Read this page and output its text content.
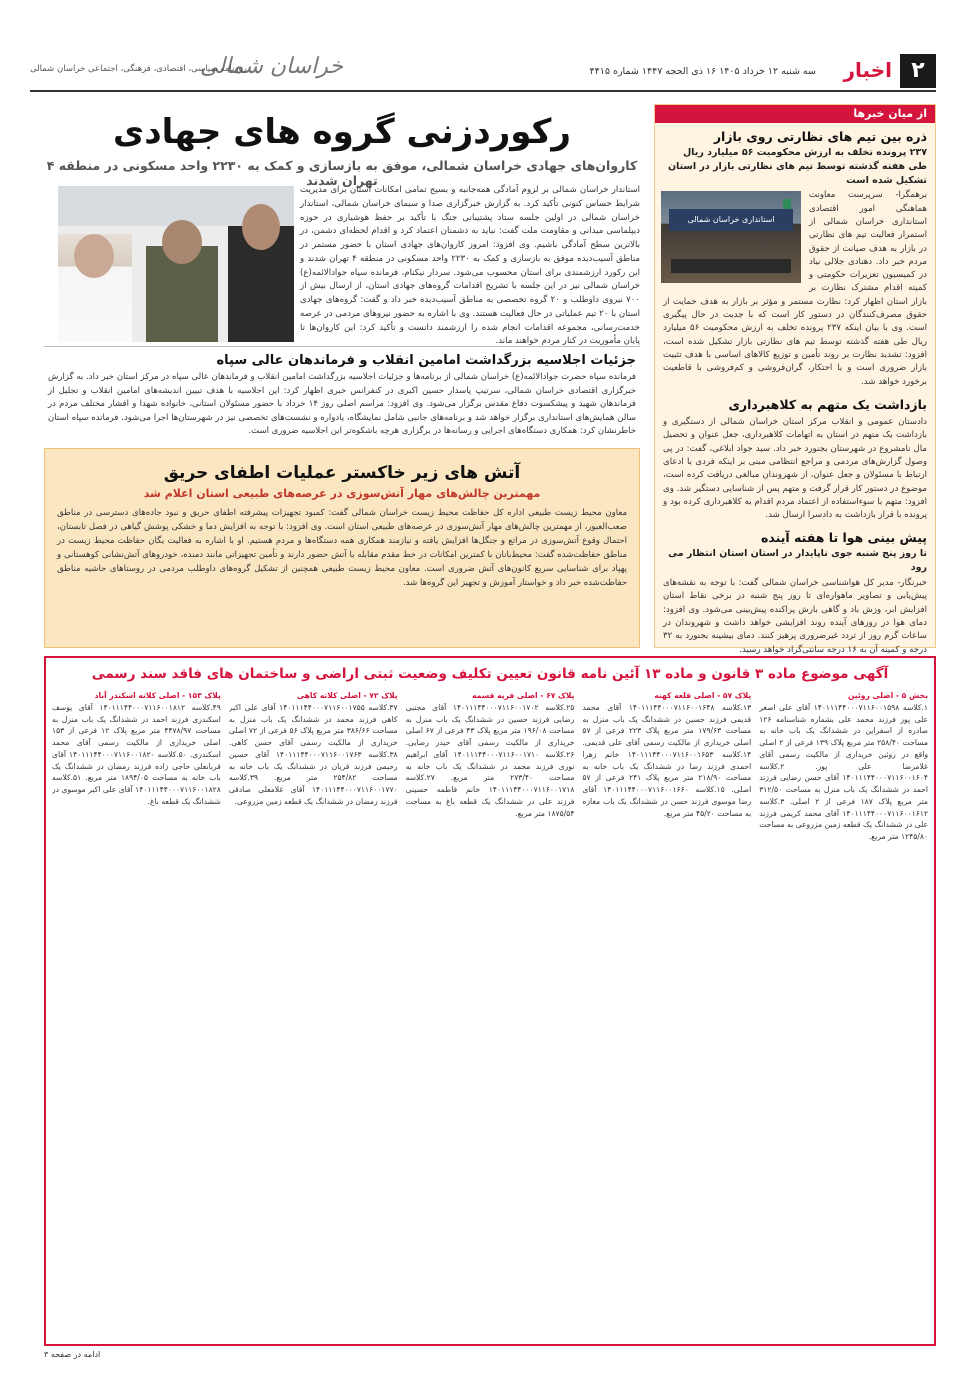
۲
اخبار
سه شنبه ۱۲ خرداد ۱۴۰۵ ۱۶ ذی الحجه ۱۴۴۷ شماره ۴۴۱۵
خراسان شمالی
روزنامه سیاسی، اقتصادی، فرهنگی، اجتماعی خراسان شمالی
از میان خبرها
ذره بین تیم های نظارتی روی بازار
۲۳۷ پرونده تخلف به ارزش محکومیت ۵۶ میلیارد ریال طی هفته گذشته توسط تیم های نظارتی بازار در استان تشکیل شده است
استانداری خراسان شمالی
برهمگرا- سرپرست معاونت هماهنگی امور اقتصادی استانداری خراسان شمالی از استمرار فعالیت تیم های نظارتی در بازار به هدف صیانت از حقوق مردم خبر داد. دهنادی جلالی نیاد در کمیسیون تعزیرات حکومتی و کمیته اقدام مشترک نظارت بر بازار استان اظهار کرد: نظارت مستمر و مؤثر بر بازار به هدف حمایت از حقوق مصرف‌کنندگان در دستور کار است که با جدیت در حال پیگیری است. وی با بیان اینکه ۲۳۷ پرونده تخلف به ارزش محکومیت ۵۶ میلیارد ریال طی هفته گذشته توسط تیم های نظارتی بازار تشکیل شده است، افزود: تشدید نظارت بر روند تأمین و توزیع کالاهای اساسی با هدف تثبیت بازار ضروری است و با احتکار، گران‌فروشی و کم‌فروشی با قاطعیت برخورد خواهد شد.
بازداشت یک متهم به کلاهبرداری
دادستان عمومی و انقلاب مرکز استان خراسان شمالی از دستگیری و بازداشت یک متهم در استان به اتهامات کلاهبرداری، جعل عنوان و تحصیل مال نامشروع در شهرستان بجنورد خبر داد. سید جواد ابلاغی، گفت: در پی وصول گزارش‌های مردمی و مراجع انتظامی مبنی بر اینکه فردی با ادعای ارتباط با مسئولان و جعل عنوان، از شهروندان مبالغی دریافت کرده است، موضوع در دستور کار قرار گرفت و متهم پس از شناسایی دستگیر شد. وی افزود: متهم با سوءاستفاده از اعتماد مردم اقدام به کلاهبرداری کرده بود و پرونده با قرار بازداشت به دادسرا ارسال شد.
پیش بینی هوا تا هفته آینده
تا روز پنج شنبه جوی ناپایدار در استان استان انتظار می رود
خبرنگار- مدیر کل هواشناسی خراسان شمالی گفت: با توجه به نقشه‌های پیش‌یابی و تصاویر ماهواره‌ای تا روز پنج شنبه در برخی نقاط استان افزایش ابر، وزش باد و گاهی بارش پراکنده پیش‌بینی می‌شود. وی افزود: دمای هوا در روزهای آینده روند افزایشی خواهد داشت و شهروندان در ساعات گرم روز از تردد غیرضروری پرهیز کنند. دمای بیشینه بجنورد به ۳۲ درجه و کمینه آن به ۱۶ درجه سانتی‌گراد خواهد رسید.
رکوردزنی گروه های جهادی
کاروان‌های جهادی خراسان شمالی، موفق به بازسازی و کمک به ۲۲۳۰ واحد مسکونی در منطقه ۴ تهران شدند
استاندار خراسان شمالی بر لزوم آمادگی همه‌جانبه و بسیج تمامی امکانات استان برای مدیریت شرایط حساس کنونی تأکید کرد. به گزارش خبرگزاری صدا و سیمای خراسان شمالی، استاندار خراسان شمالی در اولین جلسه ستاد پشتیبانی جنگ با تأکید بر حفظ هوشیاری در حوزه دیپلماسی میدانی و مقاومت ملت گفت: نباید به دشمنان اعتماد کرد و اقدام لحظه‌ای دشمن، در بالاترین سطح آمادگی باشیم. وی افزود: امروز کاروان‌های جهادی استان با حضور مستمر در مناطق آسیب‌دیده موفق به بازسازی و کمک به ۲۲۳۰ واحد مسکونی در منطقه ۴ تهران شدند و این رکورد ارزشمندی برای استان محسوب می‌شود. سردار نیکنام، فرمانده سپاه جواد‌الائمه(ع) خراسان شمالی نیز در این جلسه با تشریح اقدامات گروه‌های جهادی استان، از ارسال بیش از ۷۰۰ نیروی داوطلب و ۲۰ گروه تخصصی به مناطق آسیب‌دیده خبر داد و گفت: گروه‌های جهادی استان با ۲۰ تیم عملیاتی در حال فعالیت هستند. وی با اشاره به حضور نیروهای مردمی در عرصه خدمت‌رسانی، مجموعه اقدامات انجام شده را ارزشمند دانست و تأکید کرد: این کاروان‌ها تا پایان مأموریت در کنار مردم خواهند ماند.
جزئیات اجلاسیه بزرگداشت امامین انقلاب و فرماندهان عالی سپاه

فرمانده سپاه حضرت جوادالائمه(ع) خراسان شمالی از برنامه‌ها و جزئیات اجلاسیه بزرگداشت امامین انقلاب و فرماندهان عالی سپاه در مرکز استان خبر داد. به گزارش خبرگزاری اقتصادی خراسان شمالی، سرتیپ پاسدار حسین اکبری در کنفرانس خبری اظهار کرد: این اجلاسیه با هدف تبیین اندیشه‌های امامین انقلاب و تجلیل از فرماندهان شهید و پیشکسوت دفاع مقدس برگزار می‌شود. وی افزود: مراسم اصلی روز ۱۴ خرداد با حضور مسئولان استانی، خانواده شهدا و اقشار مختلف مردم در سالن همایش‌های استانداری برگزار خواهد شد و برنامه‌های جانبی شامل نمایشگاه، یادواره و نشست‌های تخصصی نیز در شهرستان‌ها اجرا می‌شود. فرمانده سپاه استان خاطرنشان کرد: همکاری دستگاه‌های اجرایی و رسانه‌ها در برگزاری هرچه باشکوه‌تر این اجلاسیه ضروری است.

آتش های زیر خاکستر عملیات اطفای حریق
مهمترین چالش‌های مهار آتش‌سوزی در عرصه‌های طبیعی استان اعلام شد

معاون محیط زیست طبیعی اداره کل حفاظت محیط زیست خراسان شمالی گفت: کمبود تجهیزات پیشرفته اطفای حریق و نبود جاده‌های دسترسی در مناطق صعب‌العبور، از مهمترین چالش‌های مهار آتش‌سوزی در عرصه‌های طبیعی استان است. وی افزود: با توجه به افزایش دما و خشکی پوشش گیاهی در فصل تابستان، احتمال وقوع آتش‌سوزی در مراتع و جنگل‌ها افزایش یافته و نیازمند همکاری همه دستگاه‌ها و مردم هستیم. او با اشاره به فعالیت یگان حفاظت محیط زیست در مناطق حفاظت‌شده گفت: محیط‌بانان با کمترین امکانات در خط مقدم مقابله با آتش حضور دارند و تأمین تجهیزاتی مانند دمنده، خودروهای آتش‌نشانی کوهستانی و پهپاد برای شناسایی سریع کانون‌های آتش ضروری است. معاون محیط زیست طبیعی همچنین از تشکیل گروه‌های داوطلب مردمی در روستاهای حاشیه مناطق حفاظت‌شده خبر داد و خواستار آموزش و تجهیز این گروه‌ها شد.

آگهی موضوع ماده ۳ قانون و ماده ۱۳ آئین نامه قانون تعیین تکلیف وضعیت ثبتی اراضی و ساختمان های فاقد سند رسمی
بخش ۵ - اصلی روئین
۱.کلاسه ۱۴۰۱۱۱۴۴۰۰۰۷۱۱۶۰۰۱۵۹۸ آقای علی اصغر علی پور فرزند محمد علی بشماره شناسنامه ۱۲۶ صادره از اسفراین در ششدانگ یک باب خانه به مساحت ۲۵۸/۴۰ متر مربع پلاک ۱۳۹ فرعی از ۲ اصلی واقع در روئین خریداری از مالکیت رسمی آقای غلامرضا علی پور. ۲.کلاسه ۱۴۰۱۱۱۴۴۰۰۰۷۱۱۶۰۰۱۶۰۴ آقای حسن رضایی فرزند احمد در ششدانگ یک باب منزل به مساحت ۳۱۲/۵۰ متر مربع پلاک ۱۸۷ فرعی از ۲ اصلی. ۳.کلاسه ۱۴۰۱۱۱۴۴۰۰۰۷۱۱۶۰۰۱۶۱۲ آقای محمد کریمی فرزند علی در ششدانگ یک قطعه زمین مزروعی به مساحت ۱۲۴۵/۸۰ متر مربع.
پلاک ۵۷ - اصلی قلعه کهنه
۱۳.کلاسه ۱۴۰۱۱۱۴۴۰۰۰۷۱۱۶۰۰۱۶۴۸ آقای محمد قدیمی فرزند حسین در ششدانگ یک باب منزل به مساحت ۱۷۹/۶۳ متر مربع پلاک ۲۲۳ فرعی از ۵۷ اصلی خریداری از مالکیت رسمی آقای علی قدیمی. ۱۴.کلاسه ۱۴۰۱۱۱۴۴۰۰۰۷۱۱۶۰۰۱۶۵۳ خانم زهرا احمدی فرزند رضا در ششدانگ یک باب خانه به مساحت ۲۱۸/۹۰ متر مربع پلاک ۲۴۱ فرعی از ۵۷ اصلی. ۱۵.کلاسه ۱۴۰۱۱۱۴۴۰۰۰۷۱۱۶۰۰۱۶۶۰ آقای رضا موسوی فرزند حسن در ششدانگ یک باب مغازه به مساحت ۴۵/۲۰ متر مربع.
پلاک ۶۷ - اصلی قریه قسمه
۲۵.کلاسه ۱۴۰۱۱۱۴۴۰۰۰۷۱۱۶۰۰۱۷۰۲ آقای مجتبی رضایی فرزند حسین در ششدانگ یک باب منزل به مساحت ۱۹۶/۰۸ متر مربع پلاک ۴۳ فرعی از ۶۷ اصلی خریداری از مالکیت رسمی آقای حیدر رضایی. ۲۶.کلاسه ۱۴۰۱۱۱۴۴۰۰۰۷۱۱۶۰۰۱۷۱۰ آقای ابراهیم نوری فرزند محمد در ششدانگ یک باب خانه به مساحت ۲۷۳/۴۰ متر مربع. ۲۷.کلاسه ۱۴۰۱۱۱۴۴۰۰۰۷۱۱۶۰۰۱۷۱۸ خانم فاطمه حسینی فرزند علی در ششدانگ یک قطعه باغ به مساحت ۱۸۷۵/۵۴ متر مربع.
پلاک ۷۲ - اصلی کلاته کاهی
۳۷.کلاسه ۱۴۰۱۱۱۴۴۰۰۰۷۱۱۶۰۰۱۷۵۵ آقای علی اکبر کاهی فرزند محمد در ششدانگ یک باب منزل به مساحت ۳۸۶/۶۶ متر مربع پلاک ۵۶ فرعی از ۷۲ اصلی خریداری از مالکیت رسمی آقای حسن کاهی. ۳۸.کلاسه ۱۴۰۱۱۱۴۴۰۰۰۷۱۱۶۰۰۱۷۶۳ آقای حسین رحیمی فرزند قربان در ششدانگ یک باب خانه به مساحت ۲۵۴/۸۲ متر مربع. ۳۹.کلاسه ۱۴۰۱۱۱۴۴۰۰۰۷۱۱۶۰۰۱۷۷۰ آقای غلامعلی صادقی فرزند رمضان در ششدانگ یک قطعه زمین مزروعی.
پلاک ۱۵۳ - اصلی کلاته اسکندر آباد
۴۹.کلاسه ۱۴۰۱۱۱۴۴۰۰۰۷۱۱۶۰۰۱۸۱۲ آقای یوسف اسکندری فرزند احمد در ششدانگ یک باب منزل به مساحت ۴۴۷۸/۹۷ متر مربع پلاک ۱۲ فرعی از ۱۵۳ اصلی خریداری از مالکیت رسمی آقای محمد اسکندری. ۵۰.کلاسه ۱۴۰۱۱۱۴۴۰۰۰۷۱۱۶۰۰۱۸۲۰ آقای قربانعلی حاجی زاده فرزند رمضان در ششدانگ یک باب خانه به مساحت ۱۸۹۴/۰۵ متر مربع. ۵۱.کلاسه ۱۴۰۱۱۱۴۴۰۰۰۷۱۱۶۰۰۱۸۲۸ آقای علی اکبر موسوی در ششدانگ یک قطعه باغ.
ادامه در صفحه ۳
